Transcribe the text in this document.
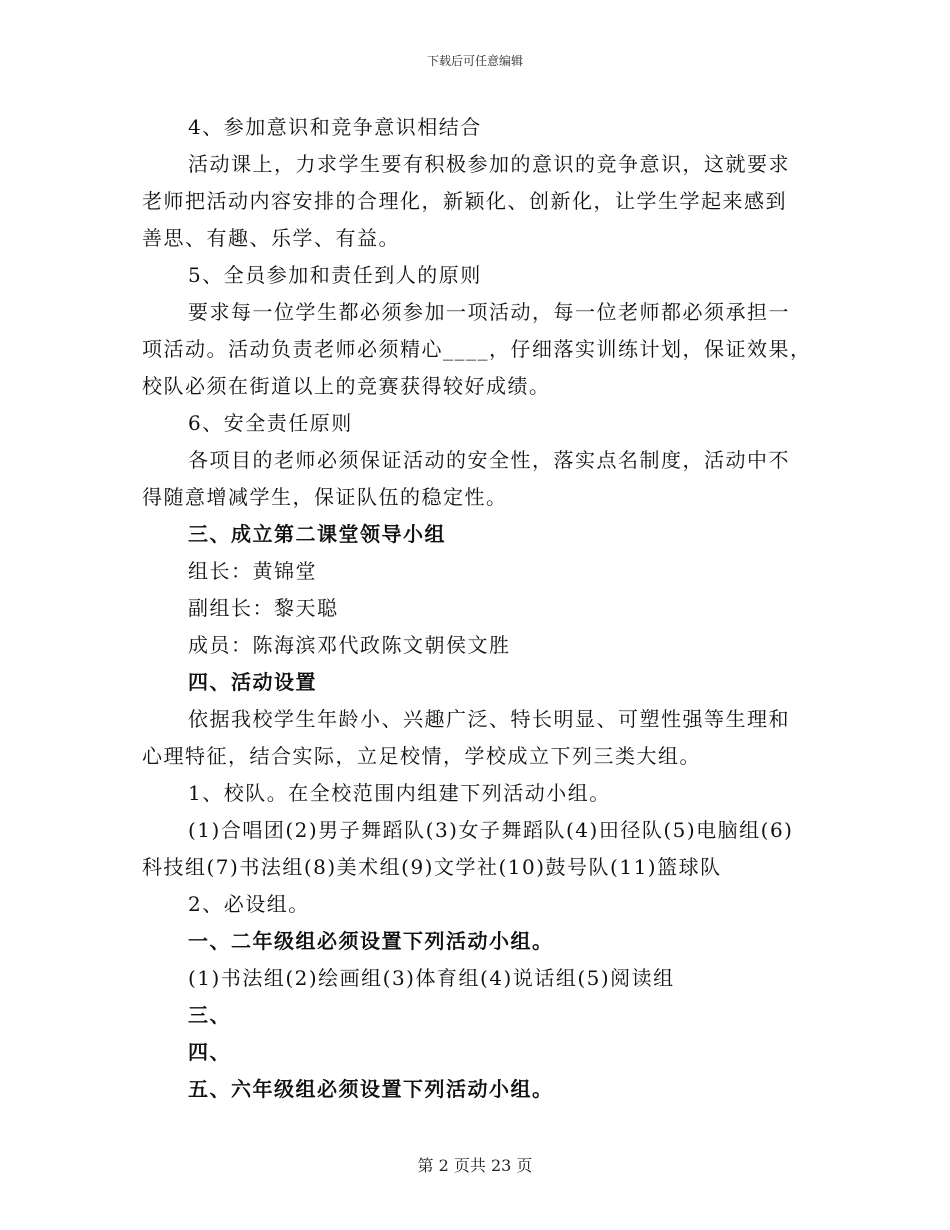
下载后可任意编辑

4、参加意识和竞争意识相结合

活动课上，力求学生要有积极参加的意识的竞争意识，这就要求

老师把活动内容安排的合理化，新颖化、创新化，让学生学起来感到

善思、有趣、乐学、有益。

5、全员参加和责任到人的原则

要求每一位学生都必须参加一项活动，每一位老师都必须承担一

项活动。活动负责老师必须精心____，仔细落实训练计划，保证效果，

校队必须在街道以上的竞赛获得较好成绩。

6、安全责任原则

各项目的老师必须保证活动的安全性，落实点名制度，活动中不

得随意增减学生，保证队伍的稳定性。

三、成立第二课堂领导小组

组长：黄锦堂

副组长：黎天聪

成员：陈海滨邓代政陈文朝侯文胜

四、活动设置

依据我校学生年龄小、兴趣广泛、特长明显、可塑性强等生理和

心理特征，结合实际，立足校情，学校成立下列三类大组。

1、校队。在全校范围内组建下列活动小组。

(1)合唱团(2)男子舞蹈队(3)女子舞蹈队(4)田径队(5)电脑组(6)

科技组(7)书法组(8)美术组(9)文学社(10)鼓号队(11)篮球队

2、必设组。

一、二年级组必须设置下列活动小组。

(1)书法组(2)绘画组(3)体育组(4)说话组(5)阅读组

三、

四、

五、六年级组必须设置下列活动小组。

第 2 页共 23 页
